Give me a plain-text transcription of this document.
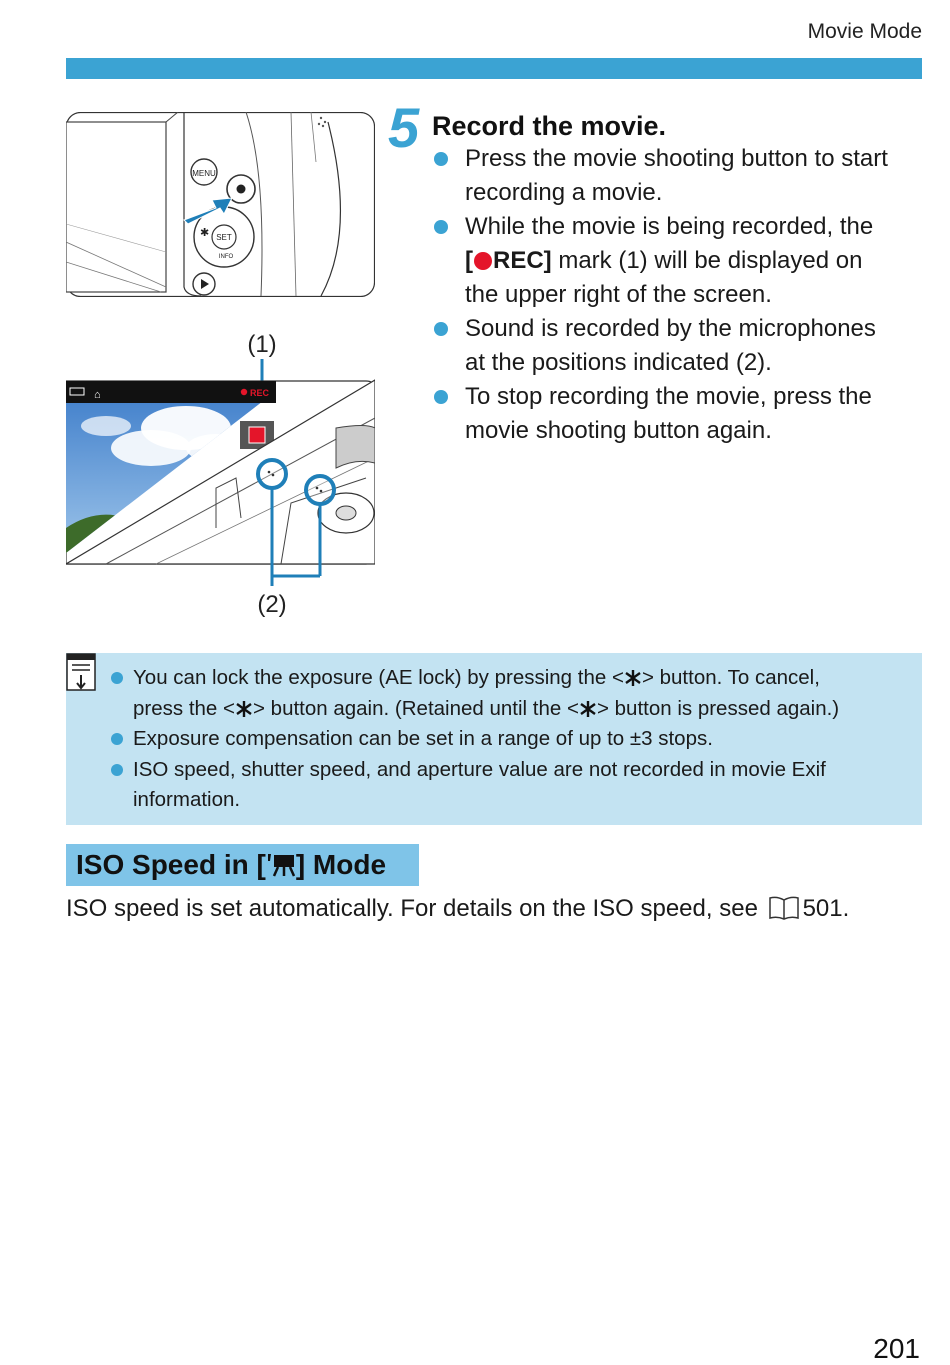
Movie Mode
MENU
SET
INFO
✱
(1)
⌂	REC
(2)
5 Record the movie.
Press the movie shooting button to start
recording a movie.
While the movie is being recorded, the
[ REC] mark (1) will be displayed on
the upper right of the screen.
Sound is recorded by the microphones
at the positions indicated (2).
To stop recording the movie, press the
movie shooting button again.
You can lock the exposure (AE lock) by pressing the < > button. To cancel,
press the < > button again. (Retained until the < > button is pressed again.)
Exposure compensation can be set in a range of up to ±3 stops.
ISO speed, shutter speed, and aperture value are not recorded in movie Exif
information.
ISO Speed in [ ] Mode
ISO speed is set automatically. For details on the ISO speed, see 501.
201
